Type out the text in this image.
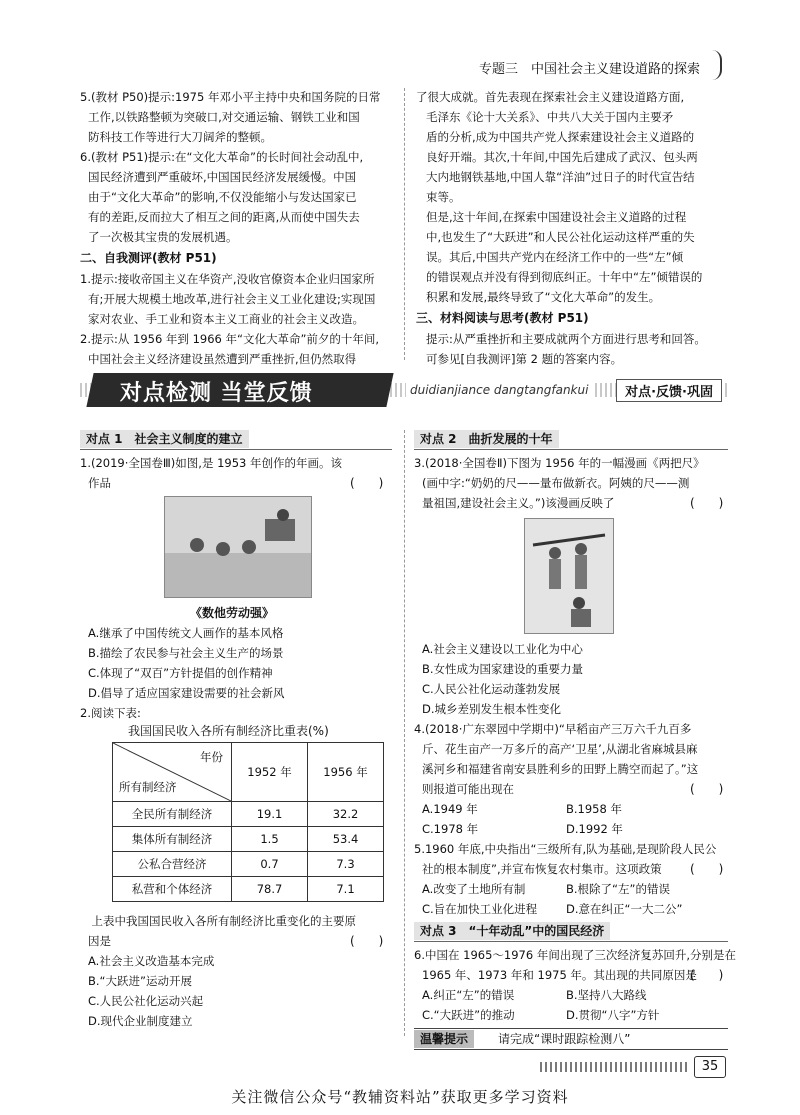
专题三　中国社会主义建设道路的探索
5.(教材 P50)提示:1975 年邓小平主持中央和国务院的日常
工作,以铁路整顿为突破口,对交通运输、钢铁工业和国
防科技工作等进行大刀阔斧的整顿。
6.(教材 P51)提示:在“文化大革命”的长时间社会动乱中,
国民经济遭到严重破坏,中国国民经济发展缓慢。中国
由于“文化大革命”的影响,不仅没能缩小与发达国家已
有的差距,反而拉大了相互之间的距离,从而使中国失去
了一次极其宝贵的发展机遇。
二、自我测评(教材 P51)
1.提示:接收帝国主义在华资产,没收官僚资本企业归国家所
有;开展大规模土地改革,进行社会主义工业化建设;实现国
家对农业、手工业和资本主义工商业的社会主义改造。
2.提示:从 1956 年到 1966 年“文化大革命”前夕的十年间,
中国社会主义经济建设虽然遭到严重挫折,但仍然取得
了很大成就。首先表现在探索社会主义建设道路方面,
毛泽东《论十大关系》、中共八大关于国内主要矛
盾的分析,成为中国共产党人探索建设社会主义道路的
良好开端。其次,十年间,中国先后建成了武汉、包头两
大内地钢铁基地,中国人靠“洋油”过日子的时代宣告结
束等。
但是,这十年间,在探索中国建设社会主义道路的过程
中,也发生了“大跃进”和人民公社化运动这样严重的失
误。其后,中国共产党内在经济工作中的一些“左”倾
的错误观点并没有得到彻底纠正。十年中“左”倾错误的
积累和发展,最终导致了“文化大革命”的发生。
三、材料阅读与思考(教材 P51)
提示:从严重挫折和主要成就两个方面进行思考和回答。
可参见[自我测评]第 2 题的答案内容。
对点检测 当堂反馈	duidianjiance dangtangfankui	对点·反馈·巩固
对点 1　社会主义制度的建立
1.(2019·全国卷Ⅲ)如图,是 1953 年创作的年画。该
作品	(　　)
《数他劳动强》
A.继承了中国传统文人画作的基本风格
B.描绘了农民参与社会主义生产的场景
C.体现了“双百”方针提倡的创作精神
D.倡导了适应国家建设需要的社会新风
2.阅读下表:
我国国民收入各所有制经济比重表(%)
年份
所有制经济	1952 年	1956 年
全民所有制经济	19.1	32.2
集体所有制经济	1.5	53.4
公私合营经济	0.7	7.3
私营和个体经济	78.7	7.1
　上表中我国国民收入各所有制经济比重变化的主要原
因是	(　　)
A.社会主义改造基本完成
B.“大跃进”运动开展
C.人民公社化运动兴起
D.现代企业制度建立
对点 2　曲折发展的十年
3.(2018·全国卷Ⅱ)下图为 1956 年的一幅漫画《两把尺》
(画中字:“奶奶的尺——量布做新衣。阿姨的尺——测
量祖国,建设社会主义。”)该漫画反映了	(　　)
A.社会主义建设以工业化为中心
B.女性成为国家建设的重要力量
C.人民公社化运动蓬勃发展
D.城乡差别发生根本性变化
4.(2018·广东翠园中学期中)“早稻亩产三万六千九百多
斤、花生亩产一万多斤的高产‘卫星’,从湖北省麻城县麻
溪河乡和福建省南安县胜利乡的田野上腾空而起了。”这
则报道可能出现在	(　　)
A.1949 年	B.1958 年
C.1978 年	D.1992 年
5.1960 年底,中央指出“三级所有,队为基础,是现阶段人民公
社的根本制度”,并宣布恢复农村集市。这项政策 (　　)
A.改变了土地所有制	B.根除了“左”的错误
C.旨在加快工业化进程	D.意在纠正“一大二公”
对点 3　“十年动乱”中的国民经济
6.中国在 1965～1976 年间出现了三次经济复苏回升,分别是在
1965 年、1973 年和 1975 年。其出现的共同原因是
(　　)
A.纠正“左”的错误	B.坚持八大路线
C.“大跃进”的推动	D.贯彻“八字”方针
温馨提示	请完成“课时跟踪检测八”
35
关注微信公众号“教辅资料站”获取更多学习资料
